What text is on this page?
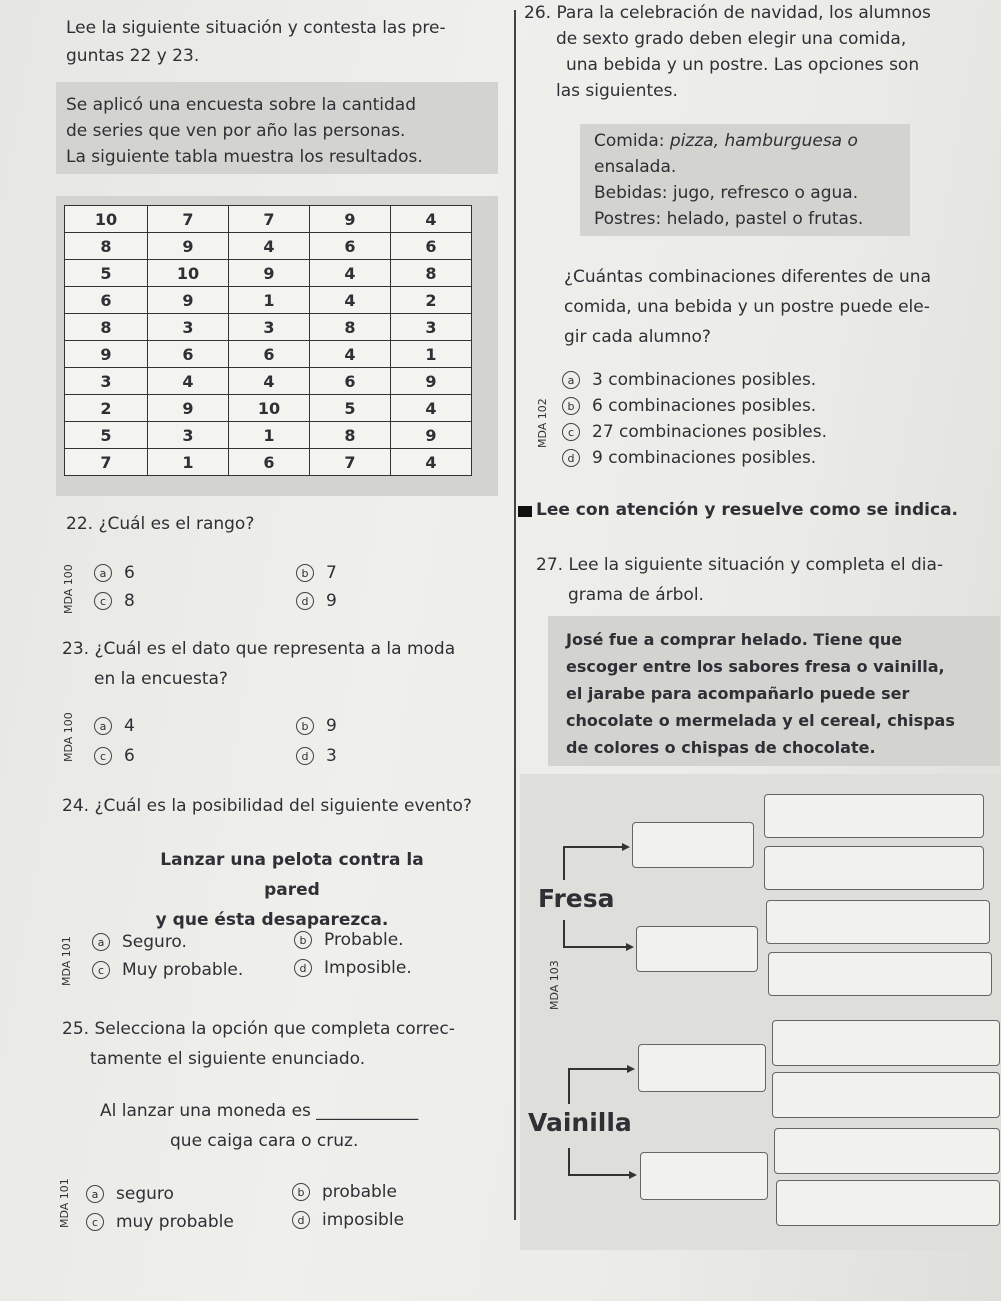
Lee la siguiente situación y contesta las pre-
guntas 22 y 23.
Se aplicó una encuesta sobre la cantidad
de series que ven por año las personas.
La siguiente tabla muestra los resultados.
10	7	7	9	4
8	9	4	6	6
5	10	9	4	8
6	9	1	4	2
8	3	3	8	3
9	6	6	4	1
3	4	4	6	9
2	9	10	5	4
5	3	1	8	9
7	1	6	7	4
22. ¿Cuál es el rango?
MDA 100	a	6	b	7
c	8	d	9
23. ¿Cuál es el dato que representa a la moda
en la encuesta?
MDA 100	a	4	b	9
c	6	d	3
24. ¿Cuál es la posibilidad del siguiente evento?
Lanzar una pelota contra la pared
y que ésta desaparezca.
MDA 101	a	Seguro.	b	Probable.
c	Muy probable.	d	Imposible.
25. Selecciona la opción que completa correc-
tamente el siguiente enunciado.
Al lanzar una moneda es ____________
que caiga cara o cruz.
MDA 101	a	seguro	b	probable
c	muy probable	d	imposible
26. Para la celebración de navidad, los alumnos
de sexto grado deben elegir una comida,
una bebida y un postre. Las opciones son
las siguientes.
Comida: pizza, hamburguesa o
ensalada.
Bebidas: jugo, refresco o agua.
Postres: helado, pastel o frutas.
¿Cuántas combinaciones diferentes de una
comida, una bebida y un postre puede ele-
gir cada alumno?
MDA 102
a	3 combinaciones posibles.
b	6 combinaciones posibles.
c	27 combinaciones posibles.
d	9 combinaciones posibles.
Lee con atención y resuelve como se indica.
27. Lee la siguiente situación y completa el dia-
grama de árbol.
José fue a comprar helado. Tiene que
escoger entre los sabores fresa o vainilla,
el jarabe para acompañarlo puede ser
chocolate o mermelada y el cereal, chispas
de colores o chispas de chocolate.
MDA 103
Fresa
Vainilla
